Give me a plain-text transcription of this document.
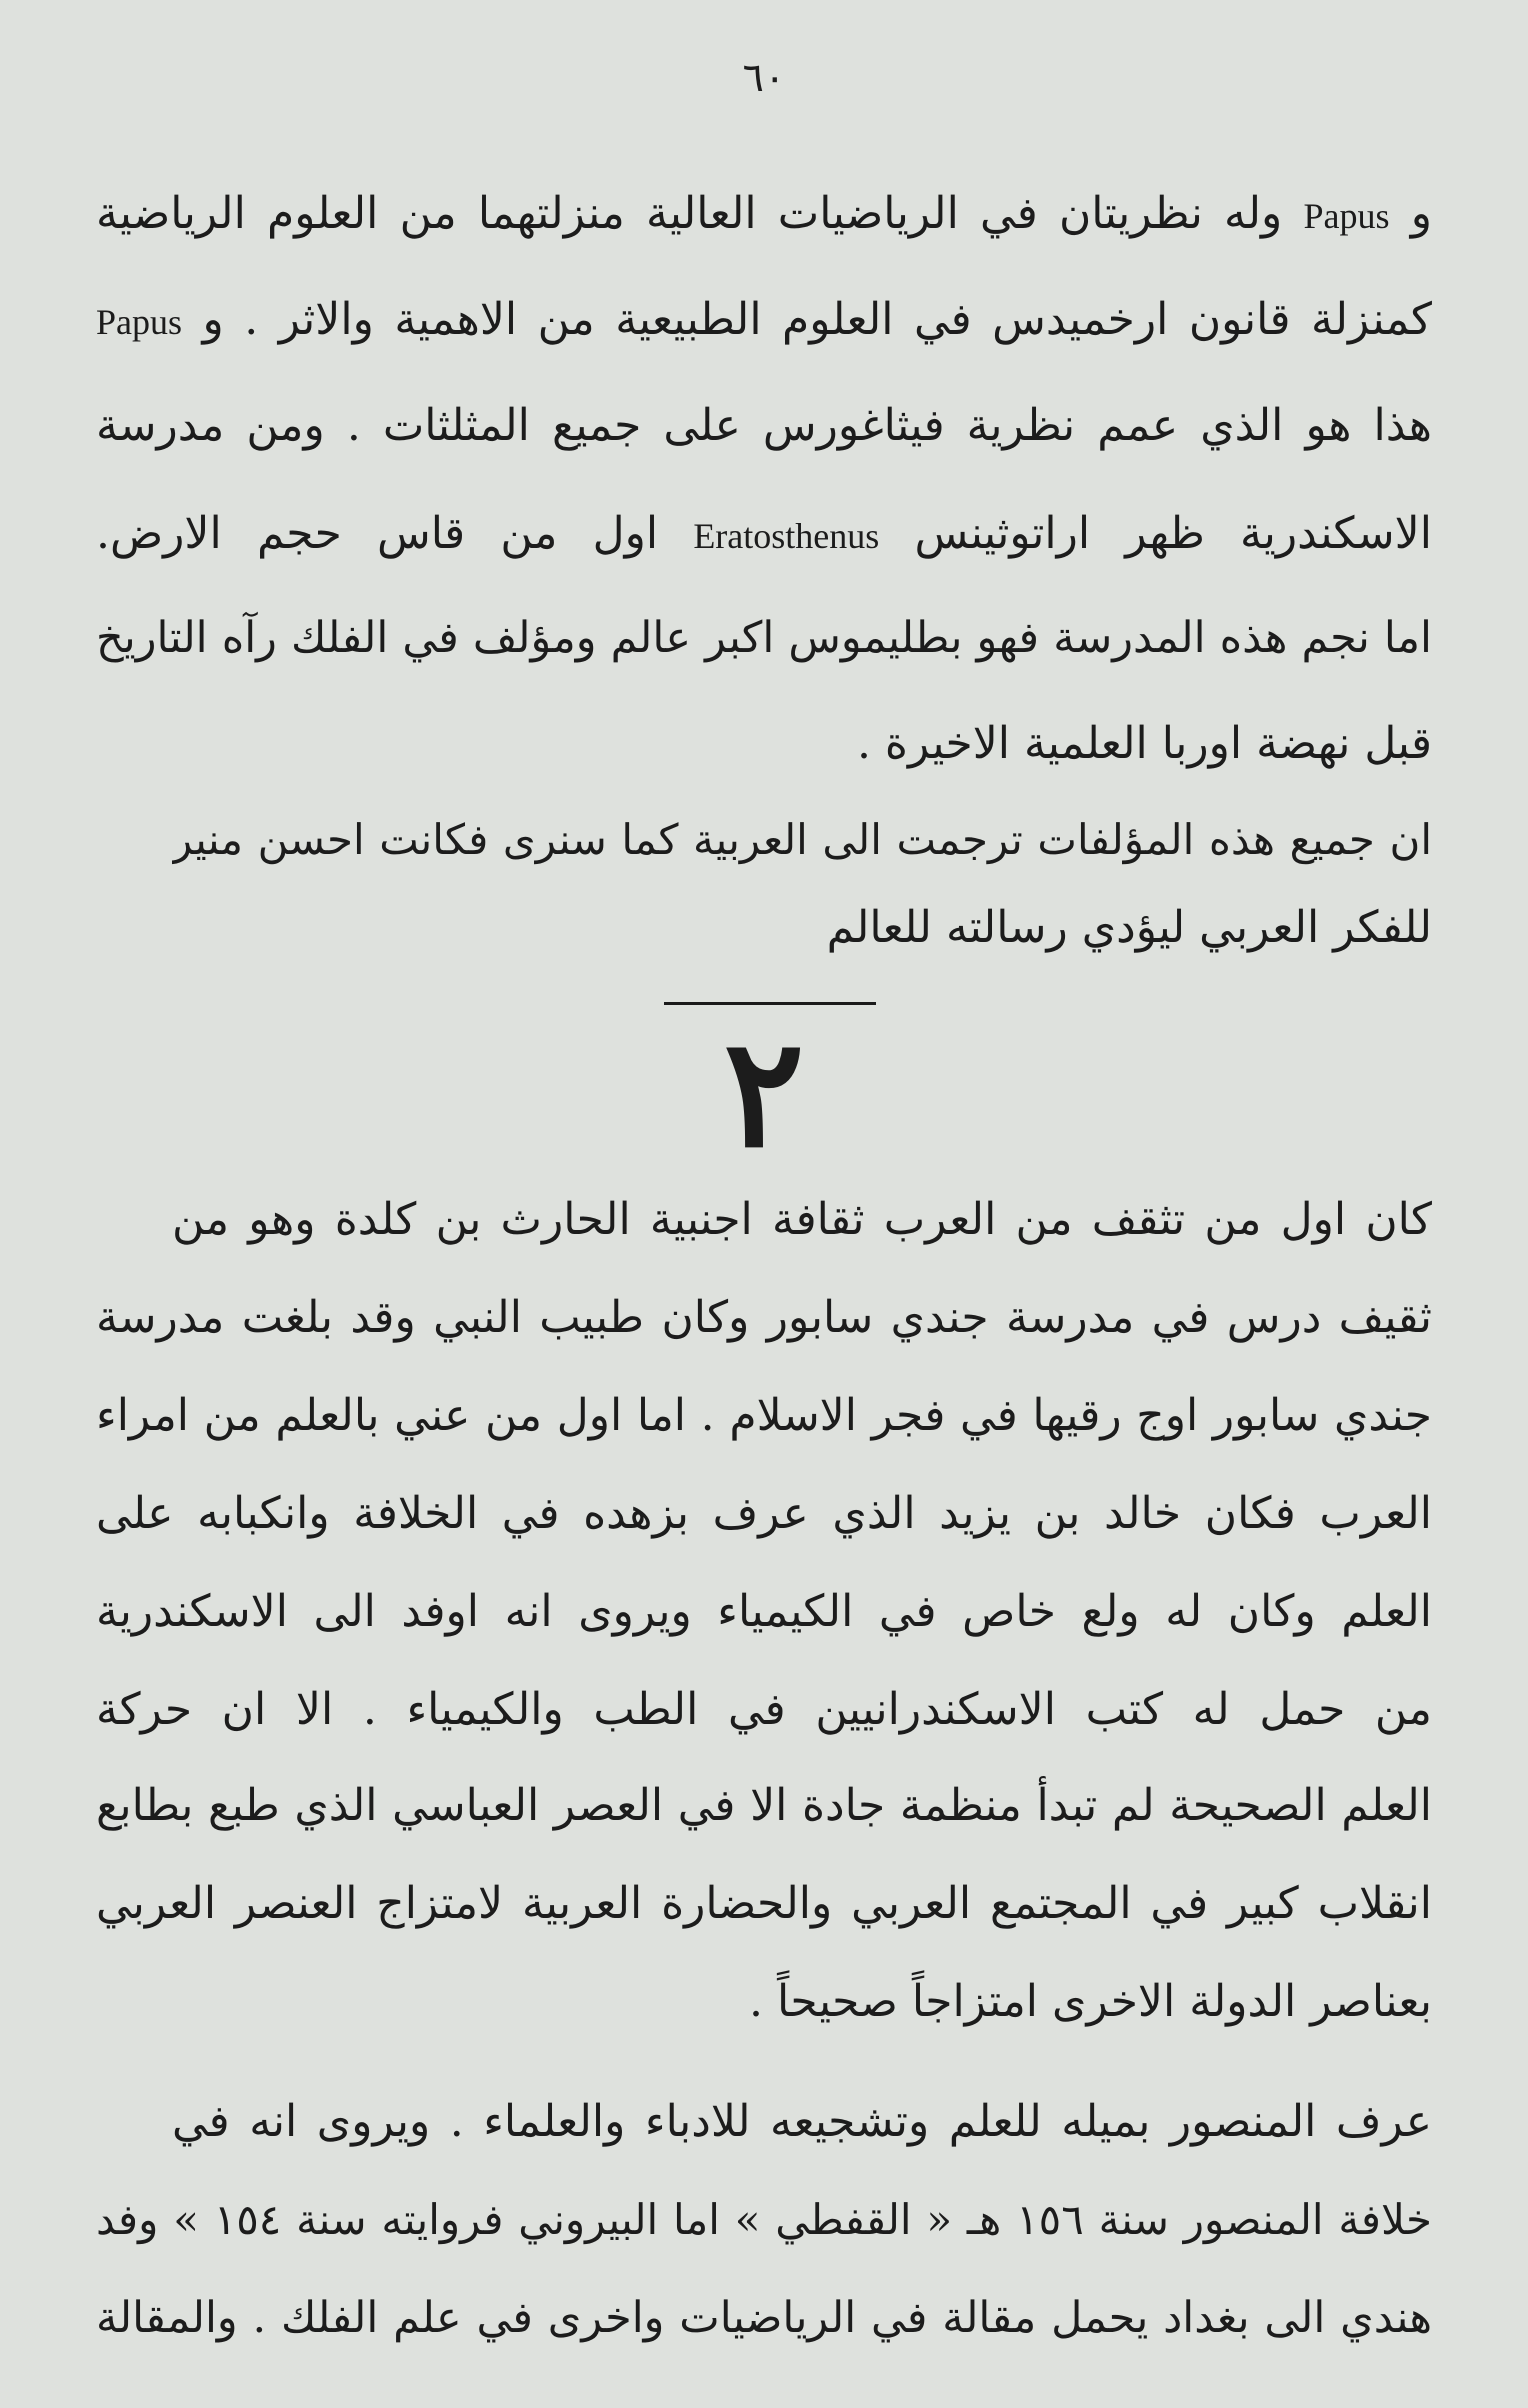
٦٠
و Papus وله نظريتان في الرياضيات العالية منزلتهما من العلوم الرياضية
كمنزلة قانون ارخميدس في العلوم الطبيعية من الاهمية والاثر . و Papus
هذا هو الذي عمم نظرية فيثاغورس على جميع المثلثات . ومن مدرسة
الاسكندرية ظهر اراتوثينس Eratosthenus اول من قاس حجم الارض.
اما نجم هذه المدرسة فهو بطليموس اكبر عالم ومؤلف في الفلك رآه التاريخ
قبل نهضة اوربا العلمية الاخيرة .
ان جميع هذه المؤلفات ترجمت الى العربية كما سنرى فكانت احسن منير
للفكر العربي ليؤدي رسالته للعالم
٢
كان اول من تثقف من العرب ثقافة اجنبية الحارث بن كلدة وهو من
ثقيف درس في مدرسة جندي سابور وكان طبيب النبي وقد بلغت مدرسة
جندي سابور اوج رقيها في فجر الاسلام . اما اول من عني بالعلم من امراء
العرب فكان خالد بن يزيد الذي عرف بزهده في الخلافة وانكبابه على
العلم وكان له ولع خاص في الكيمياء ويروى انه اوفد الى الاسكندرية
من حمل له كتب الاسكندرانيين في الطب والكيمياء . الا ان حركة
العلم الصحيحة لم تبدأ منظمة جادة الا في العصر العباسي الذي طبع بطابع
انقلاب كبير في المجتمع العربي والحضارة العربية لامتزاج العنصر العربي
بعناصر الدولة الاخرى امتزاجاً صحيحاً .
عرف المنصور بميله للعلم وتشجيعه للادباء والعلماء . ويروى انه في
خلافة المنصور سنة ١٥٦ هـ « القفطي » اما البيروني فروايته سنة ١٥٤ » وفد
هندي الى بغداد يحمل مقالة في الرياضيات واخرى في علم الفلك . والمقالة
